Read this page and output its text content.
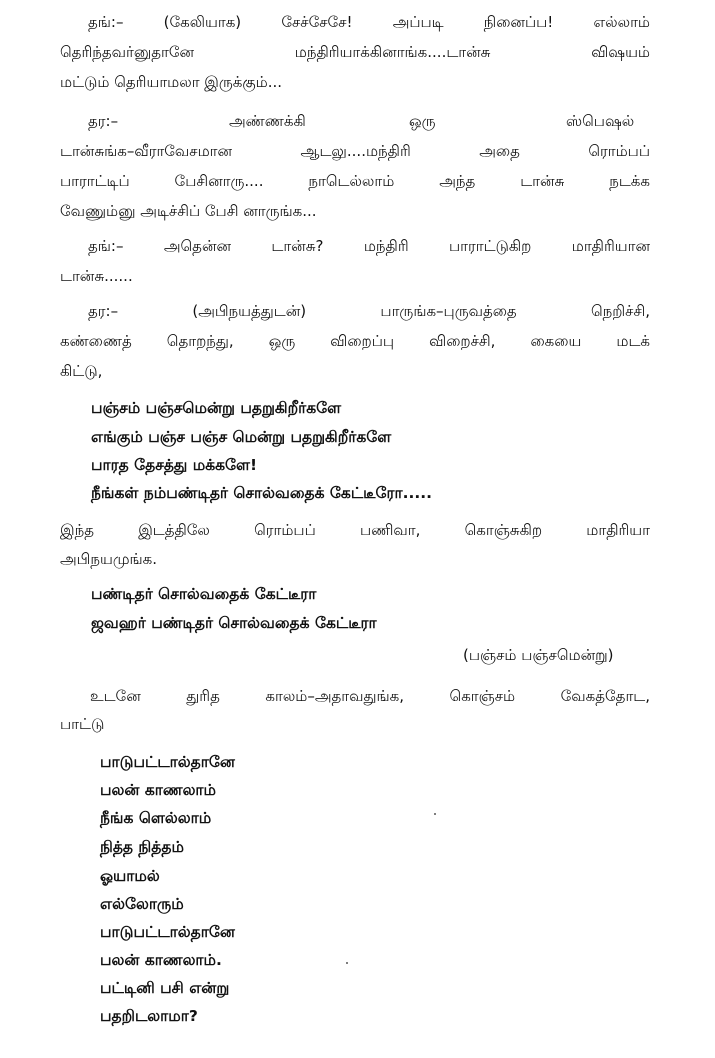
தங்:– (கேலியாக) சேச்சேசே! அப்படி நினைப்ப! எல்லாம்
தெரிந்தவர்னுதானே மந்திரியாக்கினாங்க....டான்சு விஷயம்
மட்டும் தெரியாமலா இருக்கும்...
தர:–	அண்ணக்கி	ஒரு	ஸ்பெஷல்
டான்சுங்க–வீராவேசமான ஆடலு....மந்திரி அதை ரொம்பப்
பாராட்டிப் பேசினாரு.... நாடெல்லாம் அந்த டான்சு நடக்க
வேணும்னு அடிச்சிப் பேசி னாருங்க...
தங்:– அதென்ன டான்சு? மந்திரி பாராட்டுகிற மாதிரியான
டான்சு......
தர:– (அபிநயத்துடன்) பாருங்க–புருவத்தை நெறிச்சி,
கண்ணைத் தொறந்து, ஒரு விறைப்பு விறைச்சி, கையை மடக்
கிட்டு,
பஞ்சம் பஞ்சமென்று பதறுகிறீர்களே
எங்கும் பஞ்ச பஞ்ச மென்று பதறுகிறீர்களே
பாரத தேசத்து மக்களே!
நீங்கள் நம்பண்டிதர் சொல்வதைக் கேட்டீரோ.....
இந்த இடத்திலே ரொம்பப் பணிவா, கொஞ்சுகிற மாதிரியா
அபிநயமுங்க.
பண்டிதர் சொல்வதைக் கேட்டீரா
ஜவஹர் பண்டிதர் சொல்வதைக் கேட்டீரா
(பஞ்சம் பஞ்சமென்று)
உடனே துரித காலம்–அதாவதுங்க, கொஞ்சம் வேகத்தோட,
பாட்டு
பாடுபட்டால்தானே
பலன் காணலாம்
நீங்க ளெல்லாம்
நித்த நித்தம்
ஓயாமல்
எல்லோரும்
பாடுபட்டால்தானே
பலன் காணலாம்.
பட்டினி பசி என்று
பதறிடலாமா?
